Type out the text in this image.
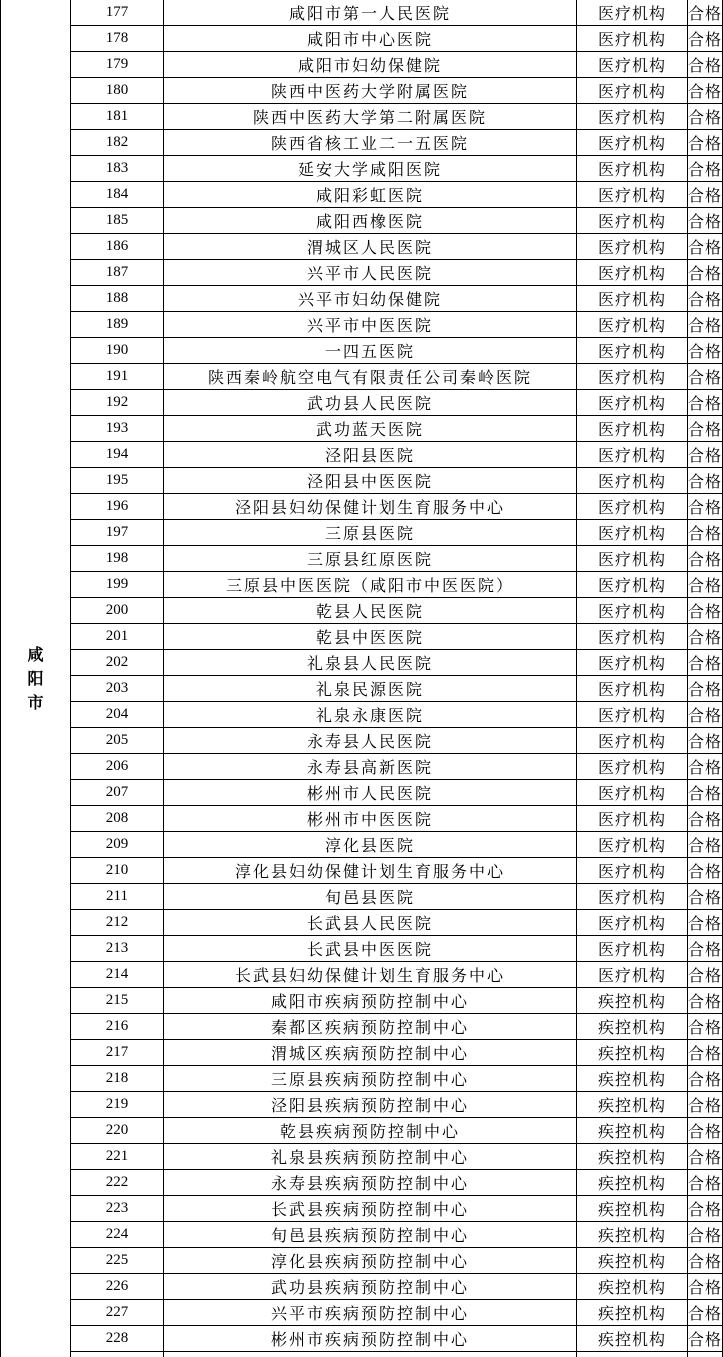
咸
阳
市
177	咸阳市第一人民医院	医疗机构	合格
178	咸阳市中心医院	医疗机构	合格
179	咸阳市妇幼保健院	医疗机构	合格
180	陕西中医药大学附属医院	医疗机构	合格
181	陕西中医药大学第二附属医院	医疗机构	合格
182	陕西省核工业二一五医院	医疗机构	合格
183	延安大学咸阳医院	医疗机构	合格
184	咸阳彩虹医院	医疗机构	合格
185	咸阳西橡医院	医疗机构	合格
186	渭城区人民医院	医疗机构	合格
187	兴平市人民医院	医疗机构	合格
188	兴平市妇幼保健院	医疗机构	合格
189	兴平市中医医院	医疗机构	合格
190	一四五医院	医疗机构	合格
191	陕西秦岭航空电气有限责任公司秦岭医院	医疗机构	合格
192	武功县人民医院	医疗机构	合格
193	武功蓝天医院	医疗机构	合格
194	泾阳县医院	医疗机构	合格
195	泾阳县中医医院	医疗机构	合格
196	泾阳县妇幼保健计划生育服务中心	医疗机构	合格
197	三原县医院	医疗机构	合格
198	三原县红原医院	医疗机构	合格
199	三原县中医医院（咸阳市中医医院）	医疗机构	合格
200	乾县人民医院	医疗机构	合格
201	乾县中医医院	医疗机构	合格
202	礼泉县人民医院	医疗机构	合格
203	礼泉民源医院	医疗机构	合格
204	礼泉永康医院	医疗机构	合格
205	永寿县人民医院	医疗机构	合格
206	永寿县高新医院	医疗机构	合格
207	彬州市人民医院	医疗机构	合格
208	彬州市中医医院	医疗机构	合格
209	淳化县医院	医疗机构	合格
210	淳化县妇幼保健计划生育服务中心	医疗机构	合格
211	旬邑县医院	医疗机构	合格
212	长武县人民医院	医疗机构	合格
213	长武县中医医院	医疗机构	合格
214	长武县妇幼保健计划生育服务中心	医疗机构	合格
215	咸阳市疾病预防控制中心	疾控机构	合格
216	秦都区疾病预防控制中心	疾控机构	合格
217	渭城区疾病预防控制中心	疾控机构	合格
218	三原县疾病预防控制中心	疾控机构	合格
219	泾阳县疾病预防控制中心	疾控机构	合格
220	乾县疾病预防控制中心	疾控机构	合格
221	礼泉县疾病预防控制中心	疾控机构	合格
222	永寿县疾病预防控制中心	疾控机构	合格
223	长武县疾病预防控制中心	疾控机构	合格
224	旬邑县疾病预防控制中心	疾控机构	合格
225	淳化县疾病预防控制中心	疾控机构	合格
226	武功县疾病预防控制中心	疾控机构	合格
227	兴平市疾病预防控制中心	疾控机构	合格
228	彬州市疾病预防控制中心	疾控机构	合格
